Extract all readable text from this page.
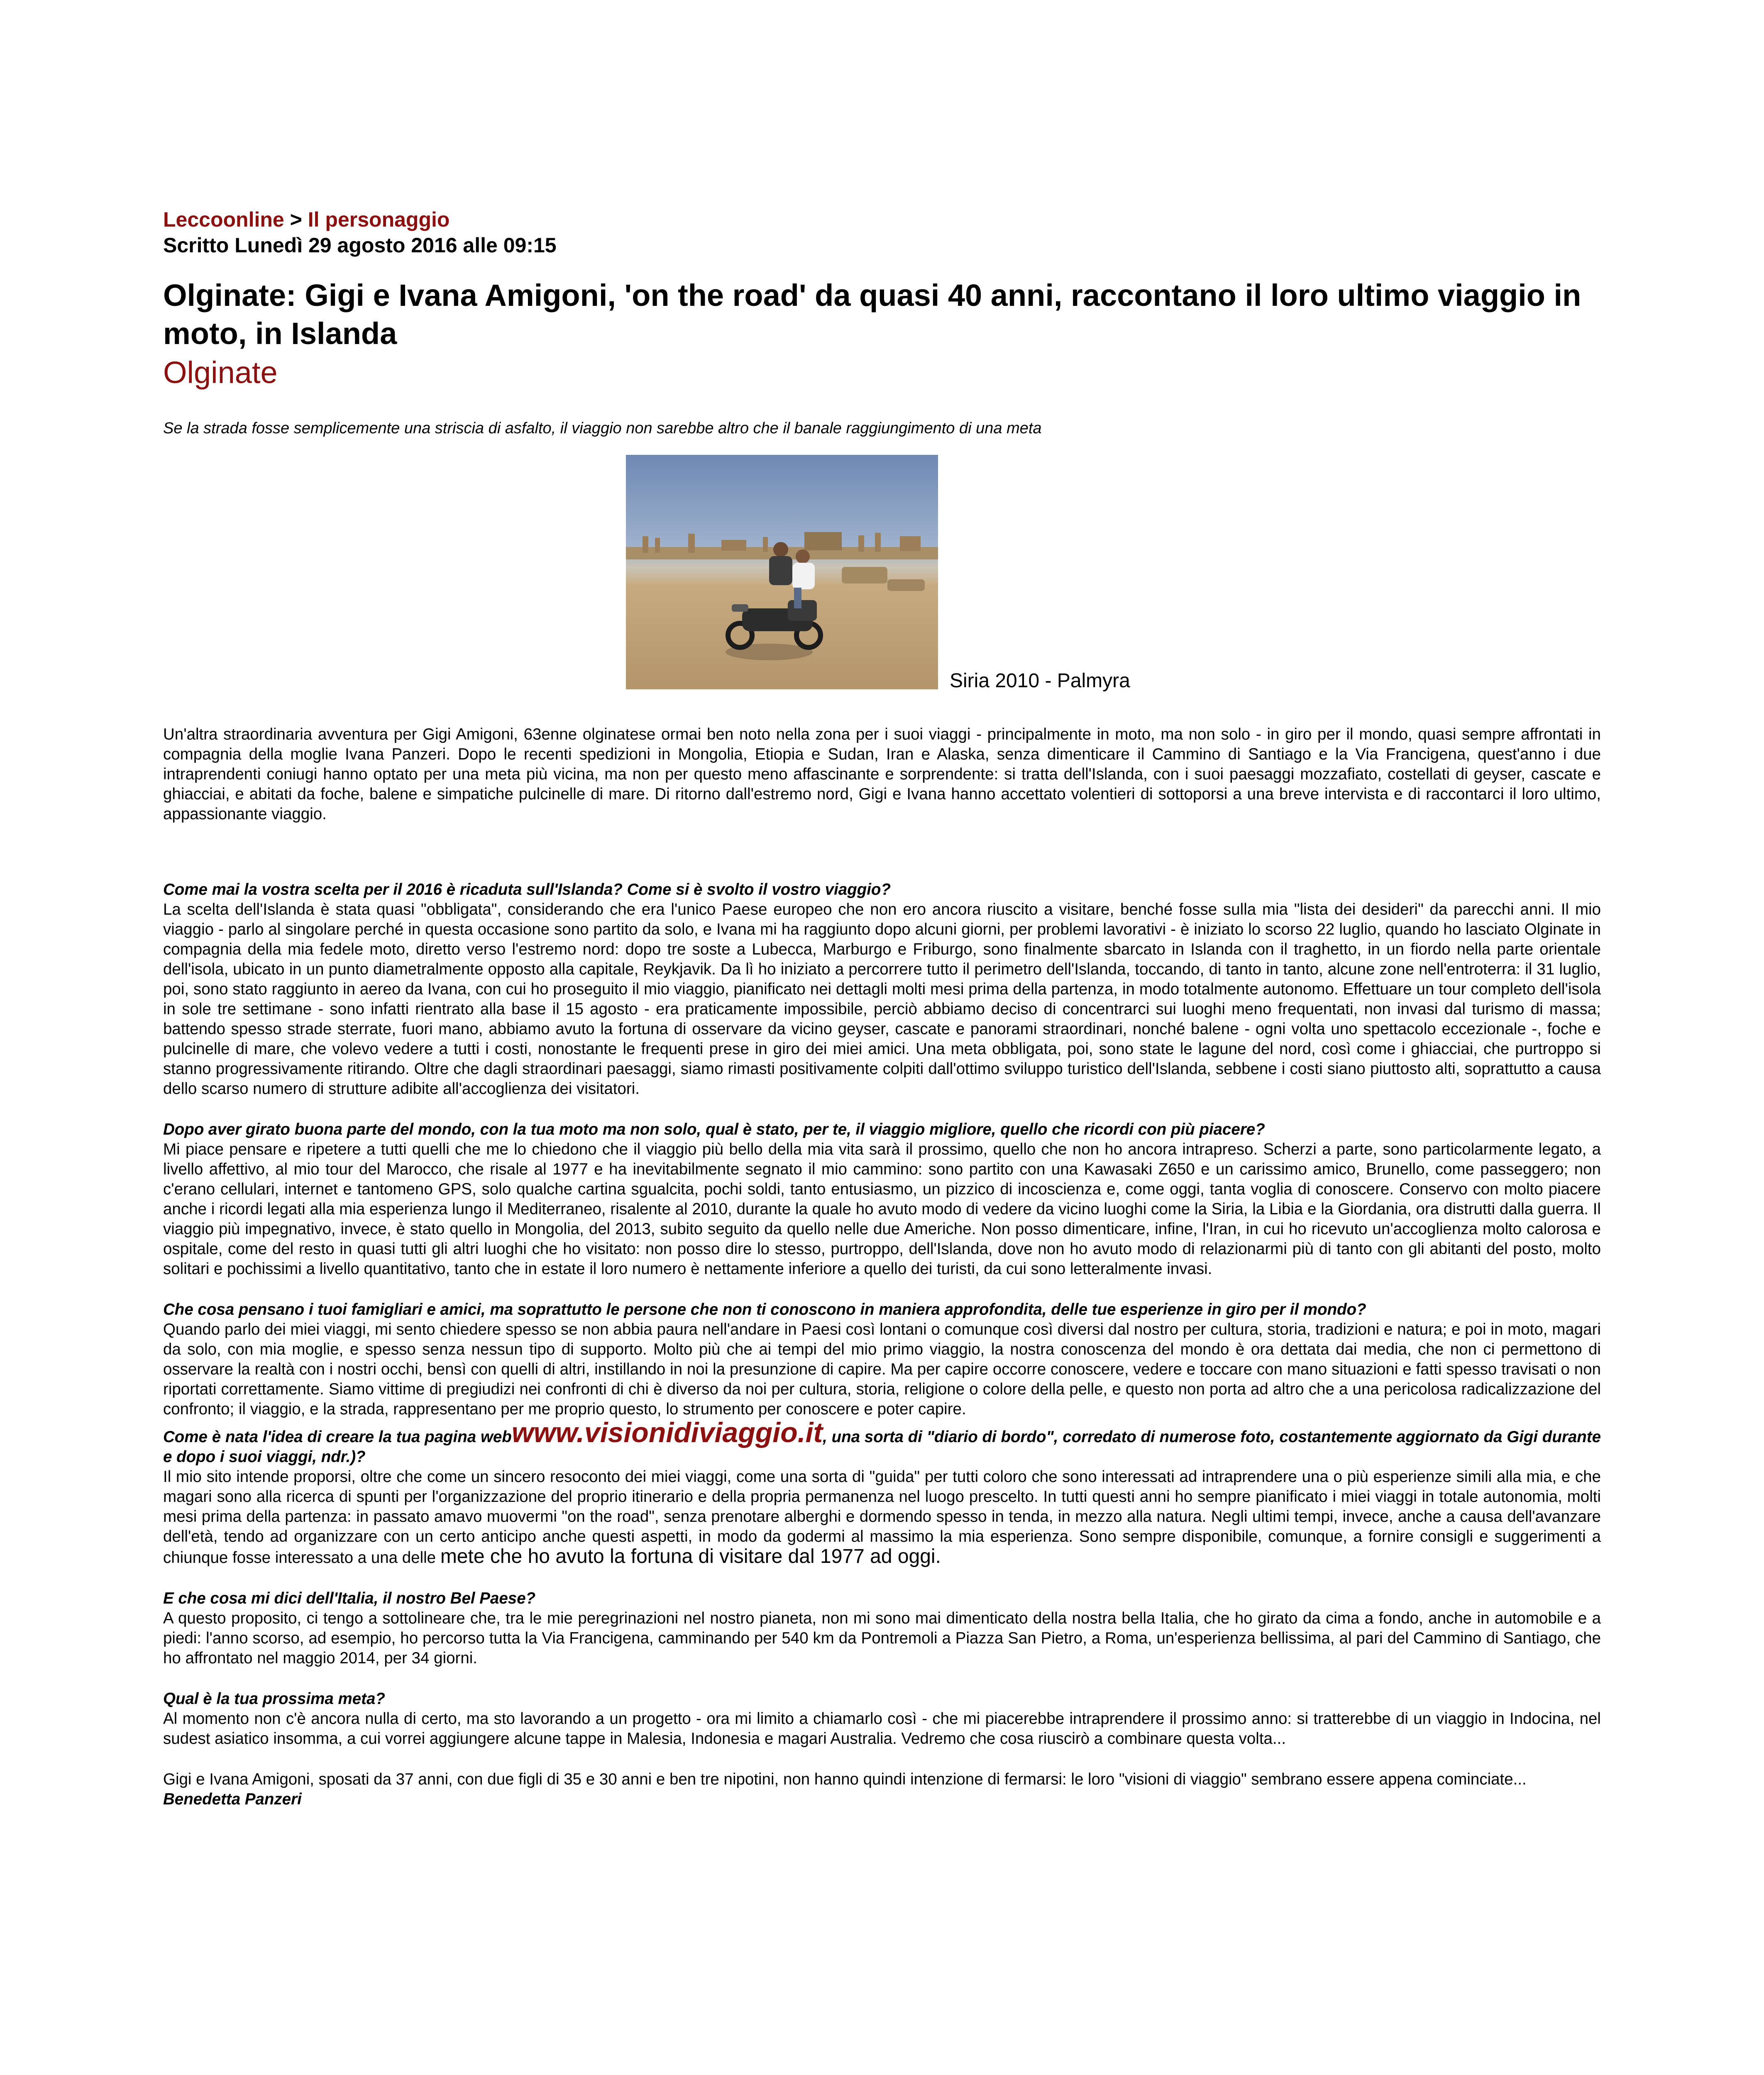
Leccoonline > Il personaggio
Scritto Lunedì 29 agosto 2016 alle 09:15
Olginate: Gigi e Ivana Amigoni, 'on the road' da quasi 40 anni, raccontano il loro ultimo viaggio in moto, in Islanda
Olginate

Se la strada fosse semplicemente una striscia di asfalto, il viaggio non sarebbe altro che il banale raggiungimento di una meta

Siria 2010 - Palmyra

Un'altra straordinaria avventura per Gigi Amigoni, 63enne olginatese ormai ben noto nella zona per i suoi viaggi - principalmente in moto, ma non solo - in giro per il mondo, quasi sempre affrontati in compagnia della moglie Ivana Panzeri. Dopo le recenti spedizioni in Mongolia, Etiopia e Sudan, Iran e Alaska, senza dimenticare il Cammino di Santiago e la Via Francigena, quest'anno i due intraprendenti coniugi hanno optato per una meta più vicina, ma non per questo meno affascinante e sorprendente: si tratta dell'Islanda, con i suoi paesaggi mozzafiato, costellati di geyser, cascate e ghiacciai, e abitati da foche, balene e simpatiche pulcinelle di mare. Di ritorno dall'estremo nord, Gigi e Ivana hanno accettato volentieri di sottoporsi a una breve intervista e di raccontarci il loro ultimo, appassionante viaggio.

Come mai la vostra scelta per il 2016 è ricaduta sull'Islanda? Come si è svolto il vostro viaggio?
La scelta dell'Islanda è stata quasi "obbligata", considerando che era l'unico Paese europeo che non ero ancora riuscito a visitare, benché fosse sulla mia "lista dei desideri" da parecchi anni. Il mio viaggio - parlo al singolare perché in questa occasione sono partito da solo, e Ivana mi ha raggiunto dopo alcuni giorni, per problemi lavorativi - è iniziato lo scorso 22 luglio, quando ho lasciato Olginate in compagnia della mia fedele moto, diretto verso l'estremo nord: dopo tre soste a Lubecca, Marburgo e Friburgo, sono finalmente sbarcato in Islanda con il traghetto, in un fiordo nella parte orientale dell'isola, ubicato in un punto diametralmente opposto alla capitale, Reykjavik. Da lì ho iniziato a percorrere tutto il perimetro dell'Islanda, toccando, di tanto in tanto, alcune zone nell'entroterra: il 31 luglio, poi, sono stato raggiunto in aereo da Ivana, con cui ho proseguito il mio viaggio, pianificato nei dettagli molti mesi prima della partenza, in modo totalmente autonomo. Effettuare un tour completo dell'isola in sole tre settimane - sono infatti rientrato alla base il 15 agosto - era praticamente impossibile, perciò abbiamo deciso di concentrarci sui luoghi meno frequentati, non invasi dal turismo di massa; battendo spesso strade sterrate, fuori mano, abbiamo avuto la fortuna di osservare da vicino geyser, cascate e panorami straordinari, nonché balene - ogni volta uno spettacolo eccezionale -, foche e pulcinelle di mare, che volevo vedere a tutti i costi, nonostante le frequenti prese in giro dei miei amici. Una meta obbligata, poi, sono state le lagune del nord, così come i ghiacciai, che purtroppo si stanno progressivamente ritirando. Oltre che dagli straordinari paesaggi, siamo rimasti positivamente colpiti dall'ottimo sviluppo turistico dell'Islanda, sebbene i costi siano piuttosto alti, soprattutto a causa dello scarso numero di strutture adibite all'accoglienza dei visitatori.
Dopo aver girato buona parte del mondo, con la tua moto ma non solo, qual è stato, per te, il viaggio migliore, quello che ricordi con più piacere?
Mi piace pensare e ripetere a tutti quelli che me lo chiedono che il viaggio più bello della mia vita sarà il prossimo, quello che non ho ancora intrapreso. Scherzi a parte, sono particolarmente legato, a livello affettivo, al mio tour del Marocco, che risale al 1977 e ha inevitabilmente segnato il mio cammino: sono partito con una Kawasaki Z650 e un carissimo amico, Brunello, come passeggero; non c'erano cellulari, internet e tantomeno GPS, solo qualche cartina sgualcita, pochi soldi, tanto entusiasmo, un pizzico di incoscienza e, come oggi, tanta voglia di conoscere. Conservo con molto piacere anche i ricordi legati alla mia esperienza lungo il Mediterraneo, risalente al 2010, durante la quale ho avuto modo di vedere da vicino luoghi come la Siria, la Libia e la Giordania, ora distrutti dalla guerra. Il viaggio più impegnativo, invece, è stato quello in Mongolia, del 2013, subito seguito da quello nelle due Americhe. Non posso dimenticare, infine, l'Iran, in cui ho ricevuto un'accoglienza molto calorosa e ospitale, come del resto in quasi tutti gli altri luoghi che ho visitato: non posso dire lo stesso, purtroppo, dell'Islanda, dove non ho avuto modo di relazionarmi più di tanto con gli abitanti del posto, molto solitari e pochissimi a livello quantitativo, tanto che in estate il loro numero è nettamente inferiore a quello dei turisti, da cui sono letteralmente invasi.
Che cosa pensano i tuoi famigliari e amici, ma soprattutto le persone che non ti conoscono in maniera approfondita, delle tue esperienze in giro per il mondo?
Quando parlo dei miei viaggi, mi sento chiedere spesso se non abbia paura nell'andare in Paesi così lontani o comunque così diversi dal nostro per cultura, storia, tradizioni e natura; e poi in moto, magari da solo, con mia moglie, e spesso senza nessun tipo di supporto. Molto più che ai tempi del mio primo viaggio, la nostra conoscenza del mondo è ora dettata dai media, che non ci permettono di osservare la realtà con i nostri occhi, bensì con quelli di altri, instillando in noi la presunzione di capire. Ma per capire occorre conoscere, vedere e toccare con mano situazioni e fatti spesso travisati o non riportati correttamente. Siamo vittime di pregiudizi nei confronti di chi è diverso da noi per cultura, storia, religione o colore della pelle, e questo non porta ad altro che a una pericolosa radicalizzazione del confronto; il viaggio, e la strada, rappresentano per me proprio questo, lo strumento per conoscere e poter capire.
Come è nata l'idea di creare la tua pagina webwww.visionidiviaggio.it, una sorta di "diario di bordo", corredato di numerose foto, costantemente aggiornato da Gigi durante e dopo i suoi viaggi, ndr.)?
Il mio sito intende proporsi, oltre che come un sincero resoconto dei miei viaggi, come una sorta di "guida" per tutti coloro che sono interessati ad intraprendere una o più esperienze simili alla mia, e che magari sono alla ricerca di spunti per l'organizzazione del proprio itinerario e della propria permanenza nel luogo prescelto. In tutti questi anni ho sempre pianificato i miei viaggi in totale autonomia, molti mesi prima della partenza: in passato amavo muovermi "on the road", senza prenotare alberghi e dormendo spesso in tenda, in mezzo alla natura. Negli ultimi tempi, invece, anche a causa dell'avanzare dell'età, tendo ad organizzare con un certo anticipo anche questi aspetti, in modo da godermi al massimo la mia esperienza. Sono sempre disponibile, comunque, a fornire consigli e suggerimenti a chiunque fosse interessato a una delle mete che ho avuto la fortuna di visitare dal 1977 ad oggi.
E che cosa mi dici dell'Italia, il nostro Bel Paese?
A questo proposito, ci tengo a sottolineare che, tra le mie peregrinazioni nel nostro pianeta, non mi sono mai dimenticato della nostra bella Italia, che ho girato da cima a fondo, anche in automobile e a piedi: l'anno scorso, ad esempio, ho percorso tutta la Via Francigena, camminando per 540 km da Pontremoli a Piazza San Pietro, a Roma, un'esperienza bellissima, al pari del Cammino di Santiago, che ho affrontato nel maggio 2014, per 34 giorni.
Qual è la tua prossima meta?
Al momento non c'è ancora nulla di certo, ma sto lavorando a un progetto - ora mi limito a chiamarlo così - che mi piacerebbe intraprendere il prossimo anno: si tratterebbe di un viaggio in Indocina, nel sudest asiatico insomma, a cui vorrei aggiungere alcune tappe in Malesia, Indonesia e magari Australia. Vedremo che cosa riuscirò a combinare questa volta...
Gigi e Ivana Amigoni, sposati da 37 anni, con due figli di 35 e 30 anni e ben tre nipotini, non hanno quindi intenzione di fermarsi: le loro "visioni di viaggio" sembrano essere appena cominciate...
Benedetta Panzeri
